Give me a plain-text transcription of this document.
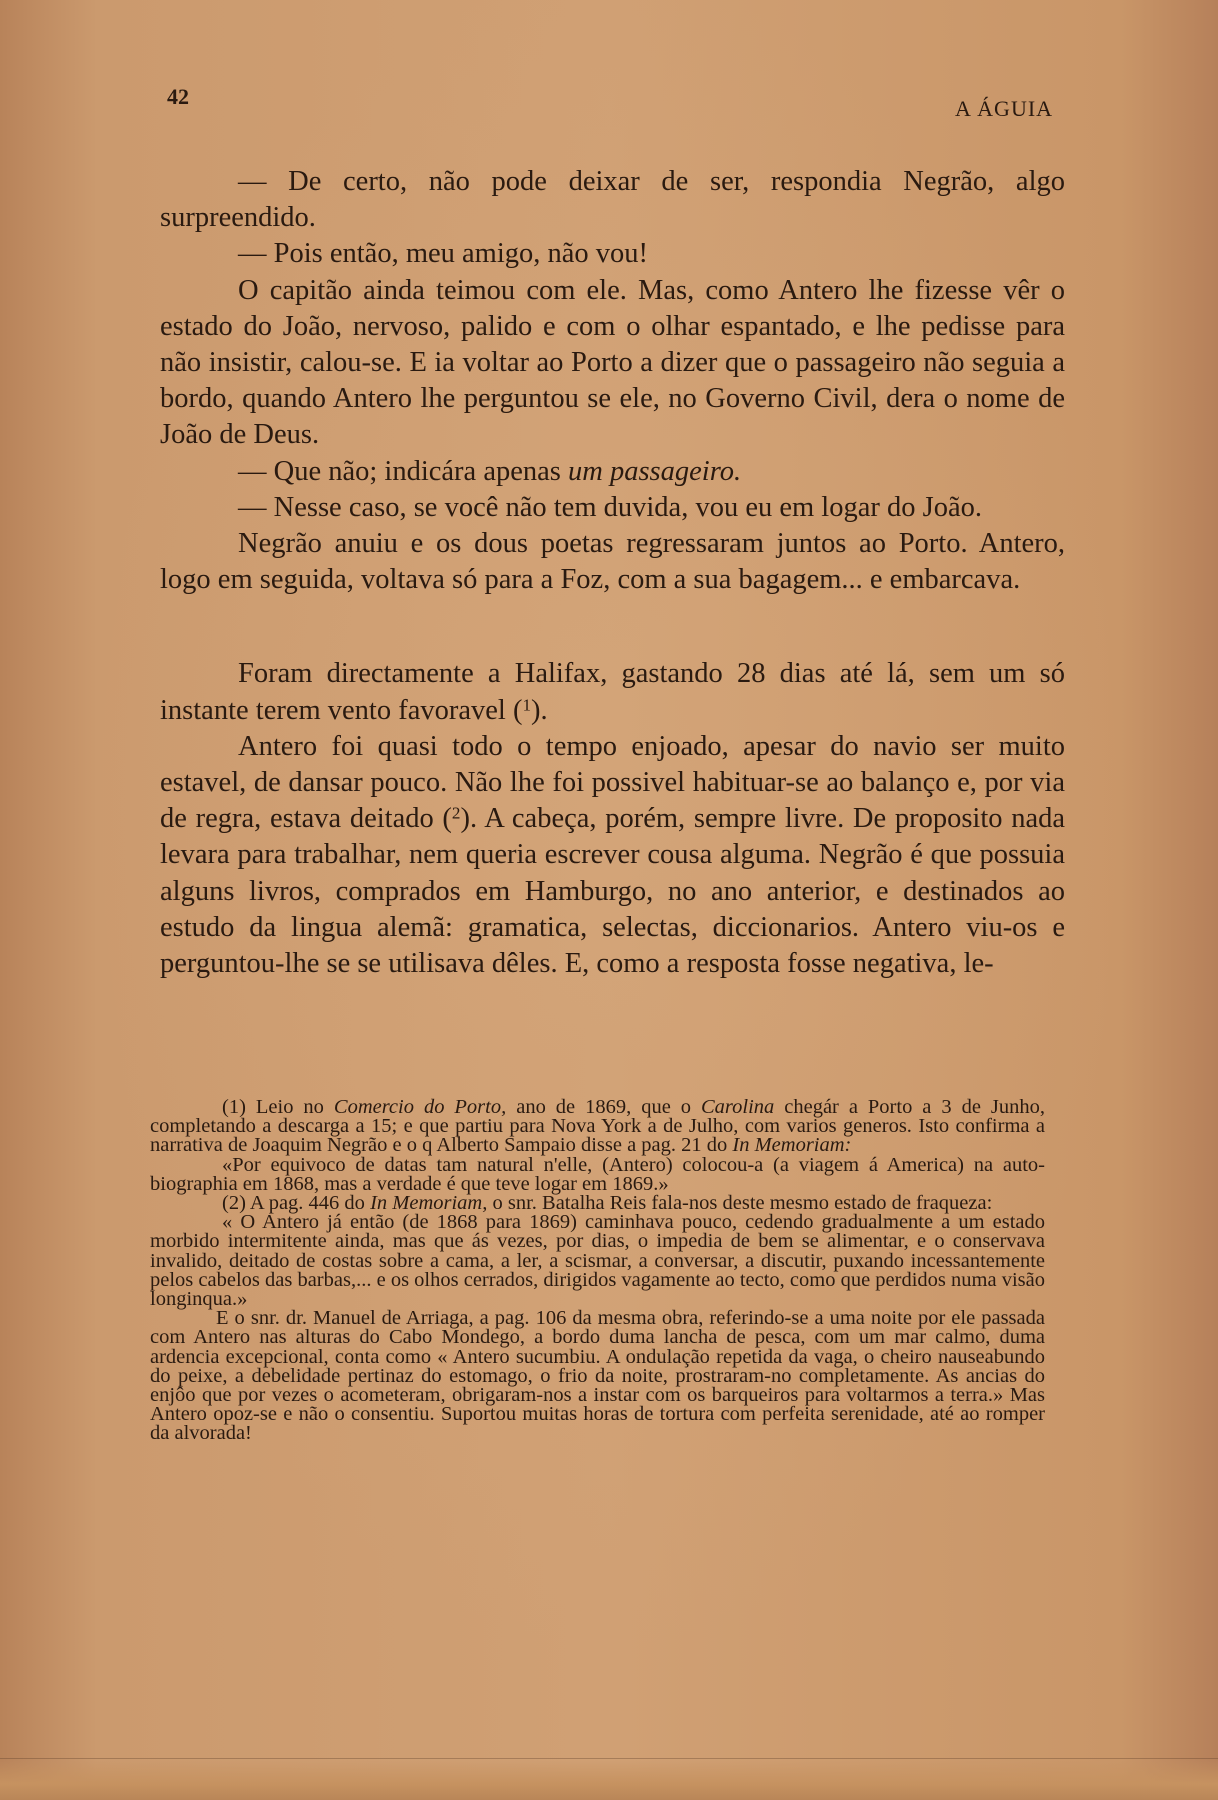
42	A ÁGUIA

— De certo, não pode deixar de ser, respondia Negrão, algo surpreendido.

— Pois então, meu amigo, não vou!

O capitão ainda teimou com ele. Mas, como Antero lhe fizesse vêr o estado do João, nervoso, palido e com o olhar espantado, e lhe pedisse para não insistir, calou-se. E ia voltar ao Porto a dizer que o passageiro não seguia a bordo, quando Antero lhe perguntou se ele, no Governo Civil, dera o nome de João de Deus.

— Que não; indicára apenas um passageiro.

— Nesse caso, se você não tem duvida, vou eu em logar do João.

Negrão anuiu e os dous poetas regressaram juntos ao Porto. Antero, logo em seguida, voltava só para a Foz, com a sua bagagem... e embarcava.

Foram directamente a Halifax, gastando 28 dias até lá, sem um só instante terem vento favoravel ($^1$).

Antero foi quasi todo o tempo enjoado, apesar do navio ser muito estavel, de dansar pouco. Não lhe foi possivel habituar-se ao balanço e, por via de regra, estava deitado ($^2$). A cabeça, porém, sempre livre. De proposito nada levara para trabalhar, nem queria escrever cousa alguma. Negrão é que possuia alguns livros, comprados em Hamburgo, no ano anterior, e destinados ao estudo da lingua alemã: gramatica, selectas, diccionarios. Antero viu-os e perguntou-lhe se se utilisava dêles. E, como a resposta fosse negativa, le-

(1) Leio no Comercio do Porto, ano de 1869, que o Carolina chegár a Porto a 3 de Junho, completando a descarga a 15; e que partiu para Nova York a de Julho, com varios generos. Isto confirma a narrativa de Joaquim Negrão e o q Alberto Sampaio disse a pag. 21 do In Memoriam:

«Por equivoco de datas tam natural n'elle, (Antero) colocou-a (a viagem á America) na auto-biographia em 1868, mas a verdade é que teve logar em 1869.»

(2) A pag. 446 do In Memoriam, o snr. Batalha Reis fala-nos deste mesmo estado de fraqueza:

« O Antero já então (de 1868 para 1869) caminhava pouco, cedendo gradualmente a um estado morbido intermitente ainda, mas que ás vezes, por dias, o impedia de bem se alimentar, e o conservava invalido, deitado de costas sobre a cama, a ler, a scismar, a conversar, a discutir, puxando incessantemente pelos cabelos das barbas,... e os olhos cerrados, dirigidos vagamente ao tecto, como que perdidos numa visão longinqua.»

E o snr. dr. Manuel de Arriaga, a pag. 106 da mesma obra, referindo-se a uma noite por ele passada com Antero nas alturas do Cabo Mondego, a bordo duma lancha de pesca, com um mar calmo, duma ardencia excepcional, conta como « Antero sucumbiu. A ondulação repetida da vaga, o cheiro nauseabundo do peixe, a debelidade pertinaz do estomago, o frio da noite, prostraram-no completamente. As ancias do enjôo que por vezes o acometeram, obrigaram-nos a instar com os barqueiros para voltarmos a terra.» Mas Antero opoz-se e não o consentiu. Suportou muitas horas de tortura com perfeita serenidade, até ao romper da alvorada!
